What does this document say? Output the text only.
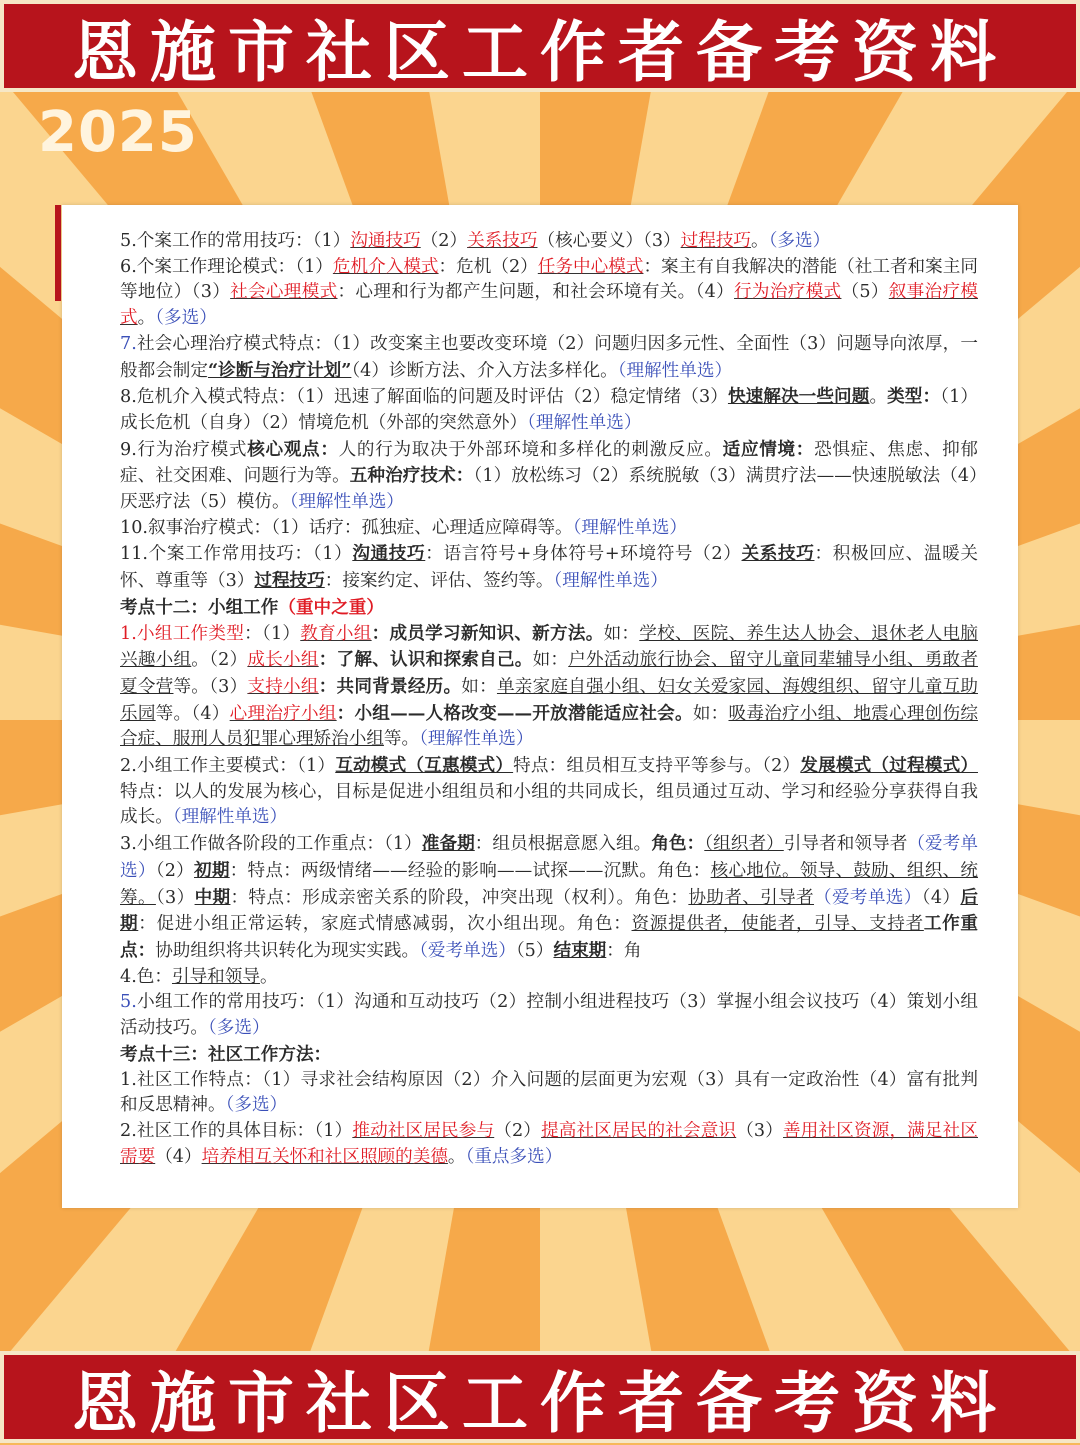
恩施市社区工作者备考资料
2025

5.个案工作的常用技巧：（1）沟通技巧（2）关系技巧（核心要义）（3）过程技巧。（多选）

6.个案工作理论模式：（1）危机介入模式：危机（2）任务中心模式：案主有自我解决的潜能（社工者和案主同等地位）（3）社会心理模式：心理和行为都产生问题，和社会环境有关。（4）行为治疗模式（5）叙事治疗模式。（多选）

7.社会心理治疗模式特点：（1）改变案主也要改变环境（2）问题归因多元性、全面性（3）问题导向浓厚，一般都会制定“诊断与治疗计划”（4）诊断方法、介入方法多样化。（理解性单选）

8.危机介入模式特点：（1）迅速了解面临的问题及时评估（2）稳定情绪（3）快速解决一些问题。类型：（1）成长危机（自身）（2）情境危机（外部的突然意外）（理解性单选）

9.行为治疗模式核心观点：人的行为取决于外部环境和多样化的刺激反应。适应情境：恐惧症、焦虑、抑郁症、社交困难、问题行为等。五种治疗技术：（1）放松练习（2）系统脱敏（3）满贯疗法——快速脱敏法（4）厌恶疗法（5）模仿。（理解性单选）

10.叙事治疗模式：（1）话疗：孤独症、心理适应障碍等。（理解性单选）

11.个案工作常用技巧：（1）沟通技巧：语言符号+身体符号+环境符号（2）关系技巧：积极回应、温暖关怀、尊重等（3）过程技巧：接案约定、评估、签约等。（理解性单选）

考点十二：小组工作（重中之重）

1.小组工作类型：（1）教育小组：成员学习新知识、新方法。如：学校、医院、养生达人协会、退休老人电脑兴趣小组。（2）成长小组：了解、认识和探索自己。如：户外活动旅行协会、留守儿童同辈辅导小组、勇敢者夏令营等。（3）支持小组：共同背景经历。如：单亲家庭自强小组、妇女关爱家园、海嫂组织、留守儿童互助乐园等。（4）心理治疗小组：小组——人格改变——开放潜能适应社会。如：吸毒治疗小组、地震心理创伤综合症、服刑人员犯罪心理矫治小组等。（理解性单选）

2.小组工作主要模式：（1）互动模式（互惠模式）特点：组员相互支持平等参与。（2）发展模式（过程模式）特点：以人的发展为核心，目标是促进小组组员和小组的共同成长，组员通过互动、学习和经验分享获得自我成长。（理解性单选）

3.小组工作做各阶段的工作重点：（1）准备期：组员根据意愿入组。角色：（组织者）引导者和领导者（爱考单选）（2）初期：特点：两级情绪——经验的影响——试探——沉默。角色：核心地位。领导、鼓励、组织、统筹。（3）中期：特点：形成亲密关系的阶段，冲突出现（权利）。角色：协助者、引导者（爱考单选）（4）后期：促进小组正常运转，家庭式情感减弱，次小组出现。角色：资源提供者，使能者，引导、支持者工作重点：协助组织将共识转化为现实实践。（爱考单选）（5）结束期：角

4.色：引导和领导。

5.小组工作的常用技巧：（1）沟通和互动技巧（2）控制小组进程技巧（3）掌握小组会议技巧（4）策划小组活动技巧。（多选）

考点十三：社区工作方法：

1.社区工作特点：（1）寻求社会结构原因（2）介入问题的层面更为宏观（3）具有一定政治性（4）富有批判和反思精神。（多选）

2.社区工作的具体目标：（1）推动社区居民参与（2）提高社区居民的社会意识（3）善用社区资源，满足社区需要（4）培养相互关怀和社区照顾的美德。（重点多选）

恩施市社区工作者备考资料
